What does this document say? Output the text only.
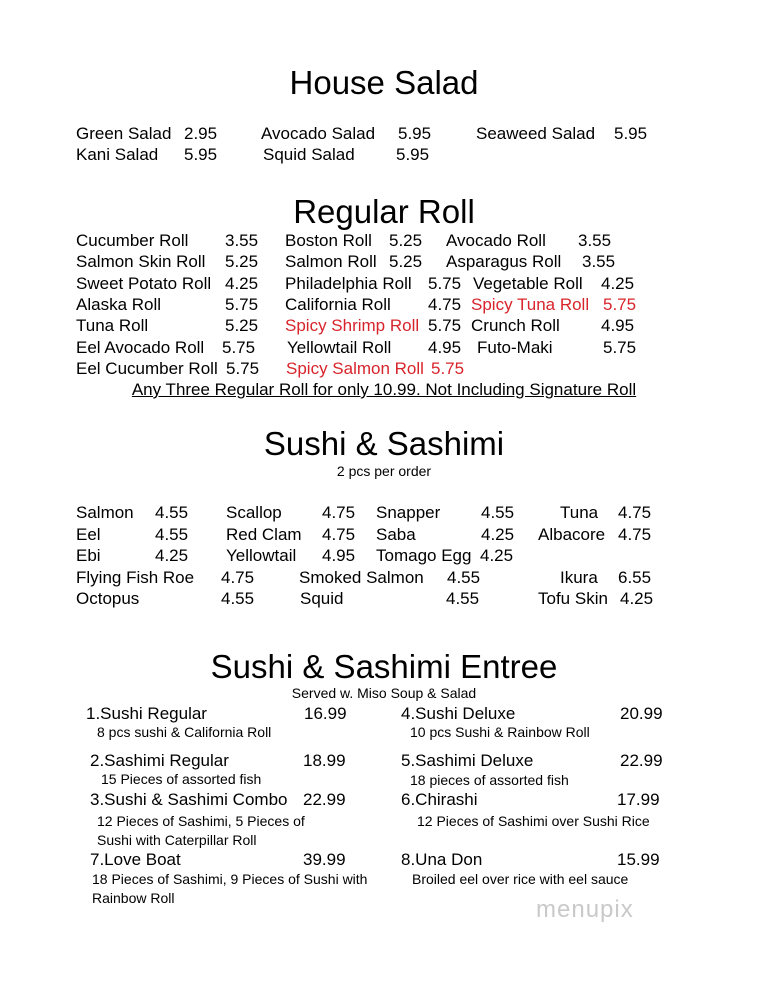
House Salad
Green Salad 2.95	Avocado Salad 5.95	Seaweed Salad 5.95
Kani Salad 5.95	Squid Salad 5.95
Regular Roll
Cucumber Roll 3.55 Boston Roll 5.25 Avocado Roll 3.55
Salmon Skin Roll 5.25 Salmon Roll 5.25 Asparagus Roll 3.55
Sweet Potato Roll 4.25 Philadelphia Roll 5.75 Vegetable Roll 4.25
Alaska Roll	5.75 California Roll 4.75 Spicy Tuna Roll 5.75
Tuna Roll	5.25 Spicy Shrimp Roll 5.75 Crunch Roll 4.95
Eel Avocado Roll 5.75 Yellowtail Roll 4.95 Futo-Maki	5.75
Eel Cucumber Roll 5.75 Spicy Salmon Roll 5.75
Any Three Regular Roll for only 10.99. Not Including Signature Roll
Sushi & Sashimi
2 pcs per order
Salmon 4.55 Scallop 4.75 Snapper 4.55	Tuna 4.75
Eel	4.55 Red Clam 4.75 Saba	4.25 Albacore 4.75
Ebi	4.25 Yellowtail 4.95 Tomago Egg 4.25
Flying Fish Roe 4.75	Smoked Salmon 4.55	Ikura 6.55
Octopus	4.55	Squid	4.55	Tofu Skin 4.25
Sushi & Sashimi Entree
Served w. Miso Soup & Salad
1.Sushi Regular	16.99
8 pcs sushi & California Roll
4.Sushi Deluxe	20.99
10 pcs Sushi & Rainbow Roll
2.Sashimi Regular	18.99
15 Pieces of assorted fish
5.Sashimi Deluxe	22.99
18 pieces of assorted fish
3.Sushi & Sashimi Combo 22.99
12 Pieces of Sashimi, 5 Pieces of Sushi with Caterpillar Roll
6.Chirashi	17.99
12 Pieces of Sashimi over Sushi Rice
7.Love Boat	39.99
18 Pieces of Sashimi, 9 Pieces of Sushi with Rainbow Roll
8.Una Don	15.99
Broiled eel over rice with eel sauce
menupix
